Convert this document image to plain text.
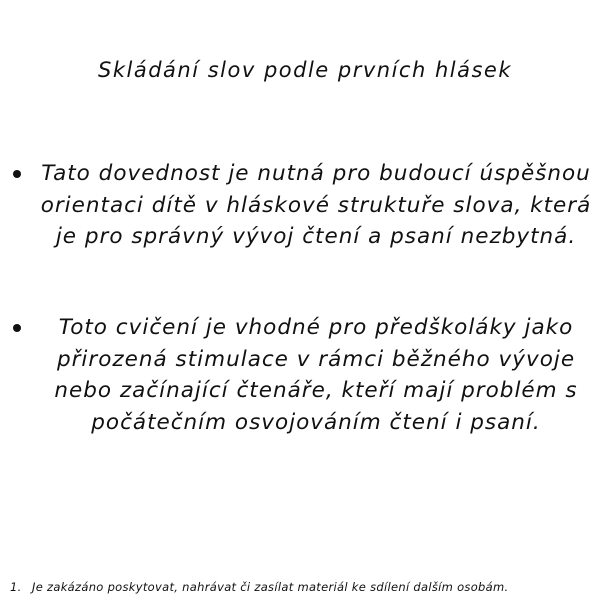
Skládání slov podle prvních hlásek
Tato dovednost je nutná pro budoucí úspěšnou orientaci dítě v hláskové struktuře slova, která je pro správný vývoj čtení a psaní nezbytná.
Toto cvičení je vhodné pro předškoláky jako přirozená stimulace v rámci běžného vývoje nebo začínající čtenáře, kteří mají problém s počátečním osvojováním čtení i psaní.
1. Je zakázáno poskytovat, nahrávat či zasílat materiál ke sdílení dalším osobám.
